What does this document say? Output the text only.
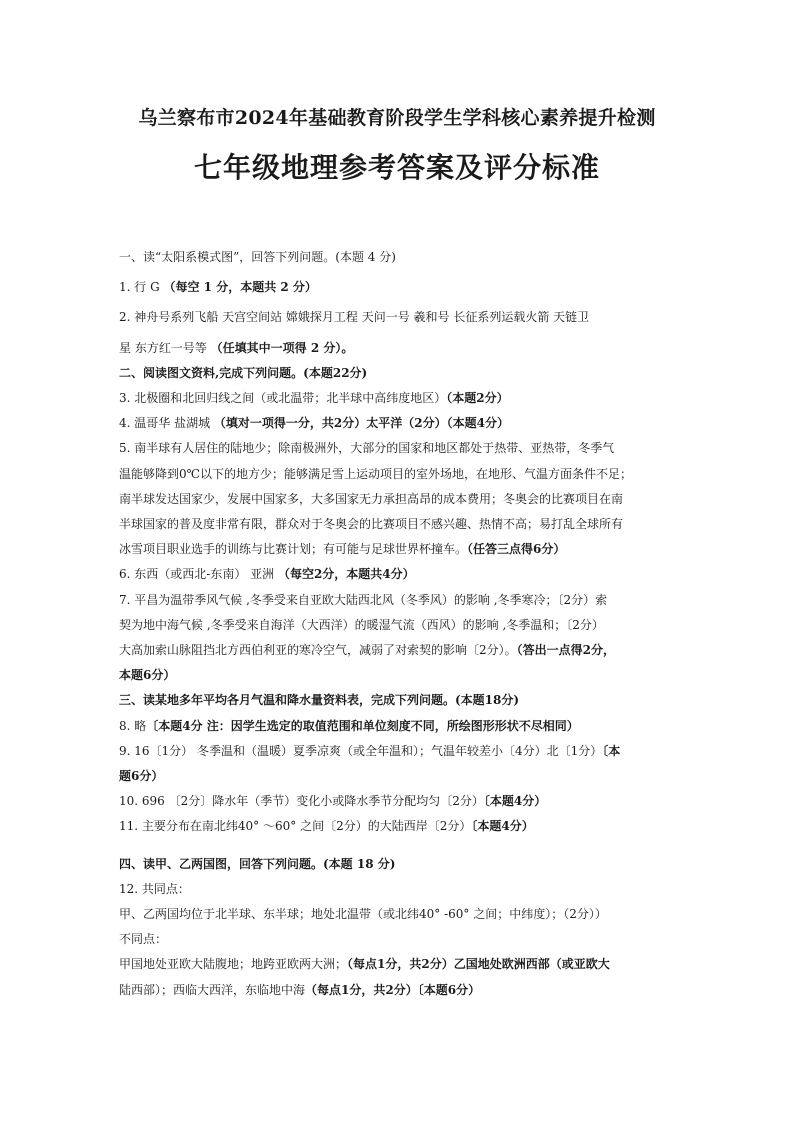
乌兰察布市2024年基础教育阶段学生学科核心素养提升检测
七年级地理参考答案及评分标准
一、读“太阳系模式图”，回答下列问题。(本题 4 分)
1. 行 G （每空 1 分，本题共 2 分）
2. 神舟号系列飞船 天宫空间站 嫦娥探月工程 天问一号 羲和号 长征系列运载火箭 天链卫
星 东方红一号等 （任填其中一项得 2 分）。
二、阅读图文资料,完成下列问题。(本题22分)
3. 北极圈和北回归线之间（或北温带；北半球中高纬度地区）（本题2分）
4. 温哥华 盐湖城 （填对一项得一分，共2分）太平洋（2分）（本题4分）
5. 南半球有人居住的陆地少；除南极洲外，大部分的国家和地区都处于热带、亚热带，冬季气
温能够降到0℃以下的地方少；能够满足雪上运动项目的室外场地，在地形、气温方面条件不足；
南半球发达国家少，发展中国家多，大多国家无力承担高昂的成本费用；冬奥会的比赛项目在南
半球国家的普及度非常有限，群众对于冬奥会的比赛项目不感兴趣、热情不高；易打乱全球所有
冰雪项目职业选手的训练与比赛计划；有可能与足球世界杯撞车。（任答三点得6分）
6. 东西（或西北-东南） 亚洲 （每空2分，本题共4分）
7. 平昌为温带季风气候 ,冬季受来自亚欧大陆西北风（冬季风）的影响 ,冬季寒冷；〔2分）索
契为地中海气候 ,冬季受来自海洋（大西洋）的暖湿气流（西风）的影响 ,冬季温和；〔2分）
大高加索山脉阻挡北方西伯利亚的寒冷空气，减弱了对索契的影响〔2分）。（答出一点得2分，
本题6分）
三、读某地多年平均各月气温和降水量资料表，完成下列问题。(本题18分)
8. 略〔本题4分 注：因学生选定的取值范围和单位刻度不同，所绘图形形状不尽相同）
9. 16〔1分） 冬季温和（温暖）夏季凉爽（或全年温和）；气温年较差小〔4分）北〔1分）〔本
题6分）
10. 696 〔2分〕降水年（季节）变化小或降水季节分配均匀〔2分）〔本题4分）
11. 主要分布在南北纬40° ～60° 之间〔2分）的大陆西岸〔2分）〔本题4分）
四、读甲、乙两国图，回答下列问题。(本题 18 分)
12. 共同点：
甲、乙两国均位于北半球、东半球；地处北温带（或北纬40° -60° 之间；中纬度）；（2分））
不同点：
甲国地处亚欧大陆腹地；地跨亚欧两大洲；（每点1分，共2分）乙国地处欧洲西部（或亚欧大
陆西部）；西临大西洋，东临地中海（每点1分，共2分）〔本题6分）
